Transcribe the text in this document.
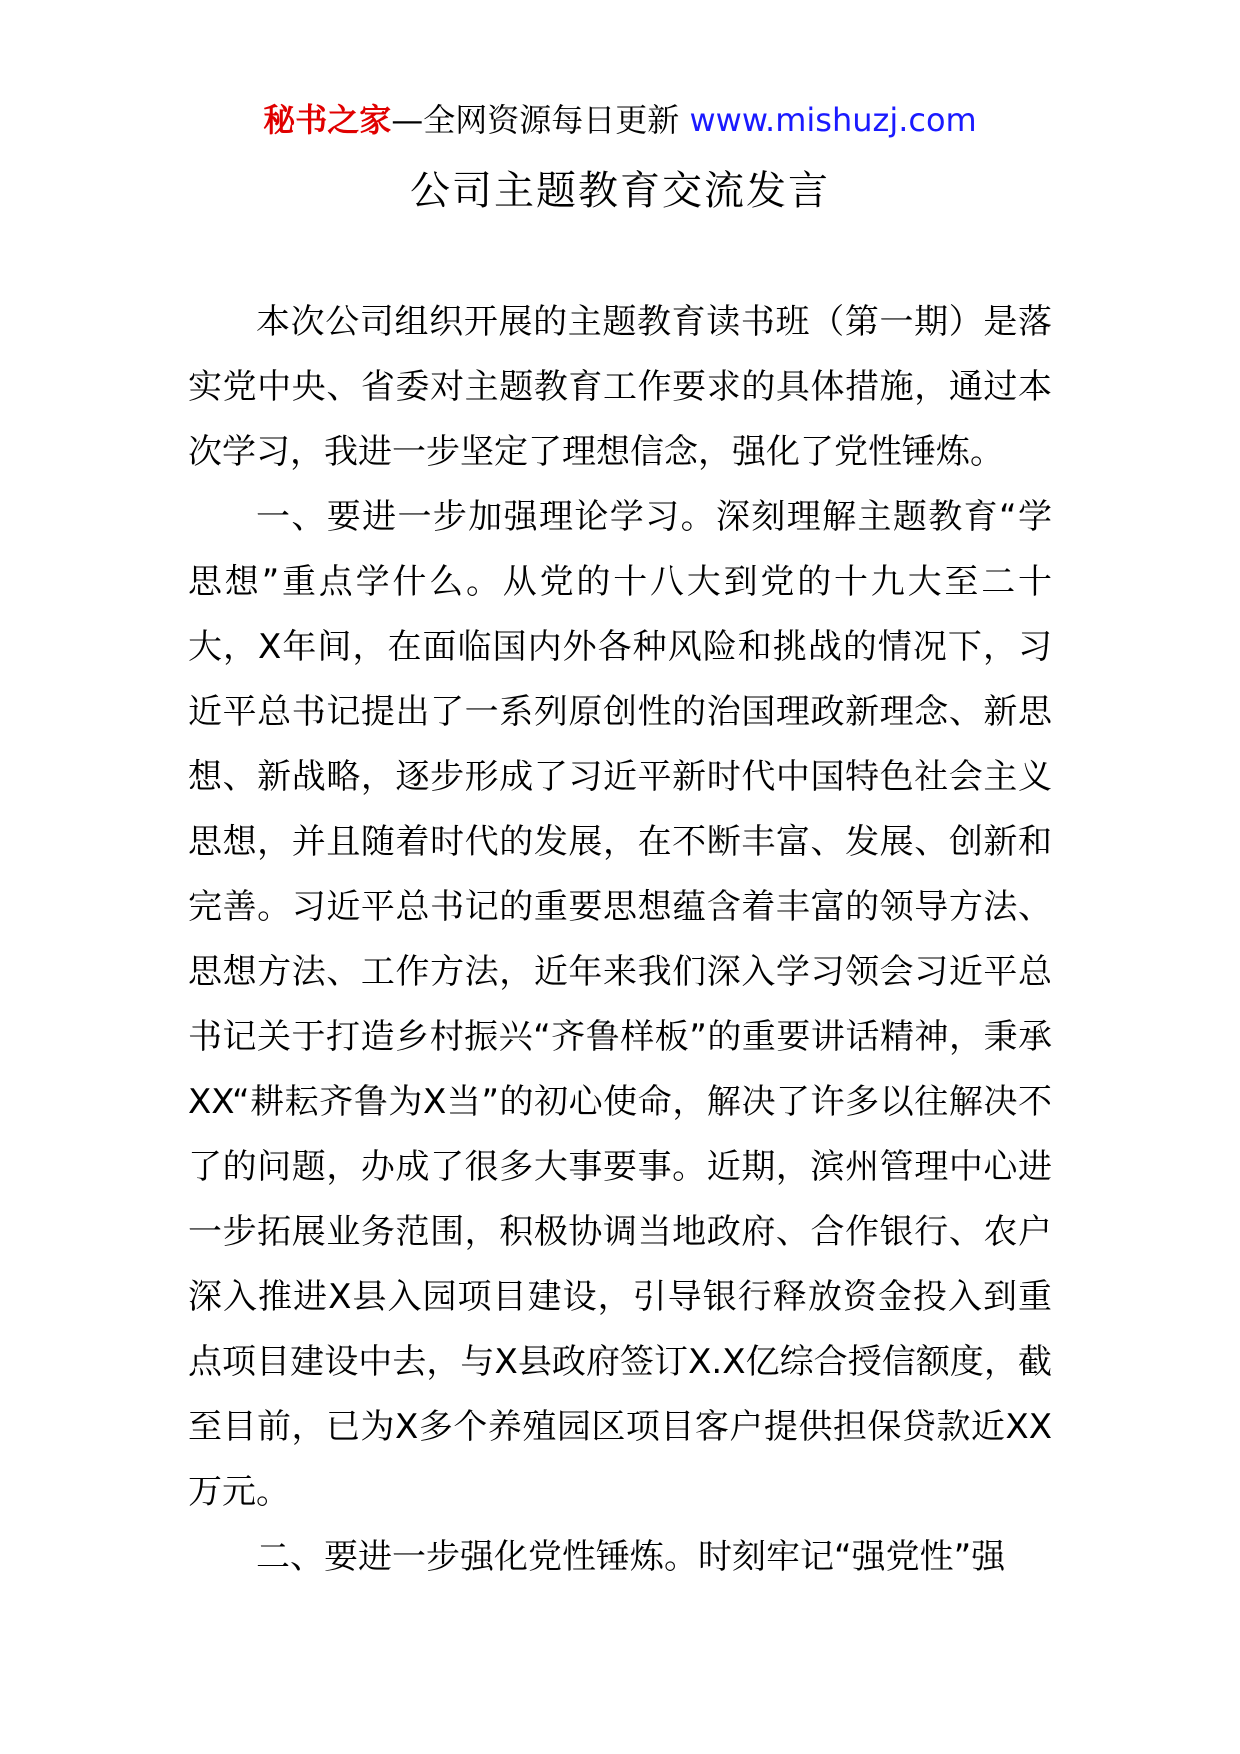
秘书之家—全网资源每日更新 www.mishuzj.com
公司主题教育交流发言

本次公司组织开展的主题教育读书班（第一期）是落实党中央、省委对主题教育工作要求的具体措施，通过本次学习，我进一步坚定了理想信念，强化了党性锤炼。

一、要进一步加强理论学习。深刻理解主题教育“学思想”重点学什么。从党的十八大到党的十九大至二十大，X年间，在面临国内外各种风险和挑战的情况下，习近平总书记提出了一系列原创性的治国理政新理念、新思想、新战略，逐步形成了习近平新时代中国特色社会主义思想，并且随着时代的发展，在不断丰富、发展、创新和完善。习近平总书记的重要思想蕴含着丰富的领导方法、思想方法、工作方法，近年来我们深入学习领会习近平总书记关于打造乡村振兴“齐鲁样板”的重要讲话精神，秉承XX“耕耘齐鲁为X当”的初心使命，解决了许多以往解决不了的问题，办成了很多大事要事。近期，滨州管理中心进一步拓展业务范围，积极协调当地政府、合作银行、农户深入推进X县入园项目建设，引导银行释放资金投入到重点项目建设中去，与X县政府签订X.X亿综合授信额度，截至目前，已为X多个养殖园区项目客户提供担保贷款近XX万元。

二、要进一步强化党性锤炼。时刻牢记“强党性”强
